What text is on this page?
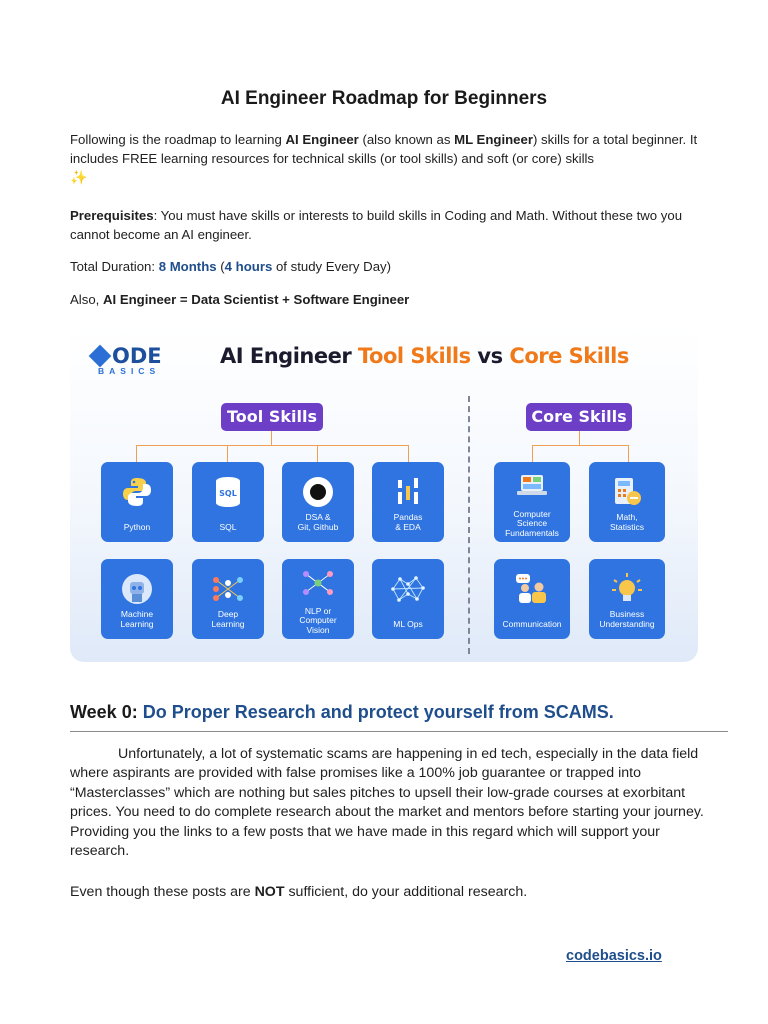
AI Engineer Roadmap for Beginners
Following is the roadmap to learning AI Engineer (also known as ML Engineer) skills for a total beginner. It includes FREE learning resources for technical skills (or tool skills) and soft (or core) skills
✨
Prerequisites: You must have skills or interests to build skills in Coding and Math. Without these two you cannot become an AI engineer.
Total Duration: 8 Months (4 hours of study Every Day)
Also, AI Engineer = Data Scientist + Software Engineer
ODE
BASICS
AI Engineer Tool Skills vs Core Skills
Tool Skills	Core Skills
Python
SQL
SQL
DSA &
Git, Github
Pandas
& EDA
Machine
Learning
Deep
Learning
NLP or
Computer
Vision
ML Ops
Computer
Science
Fundamentals
Math,
Statistics
Communication
Business
Understanding
Week 0: Do Proper Research and protect yourself from SCAMS.
Unfortunately, a lot of systematic scams are happening in ed tech, especially in the data field where aspirants are provided with false promises like a 100% job guarantee or trapped into “Masterclasses” which are nothing but sales pitches to upsell their low-grade courses at exorbitant prices. You need to do complete research about the market and mentors before starting your journey. Providing you the links to a few posts that we have made in this regard which will support your research.
Even though these posts are NOT sufficient, do your additional research.
codebasics.io
